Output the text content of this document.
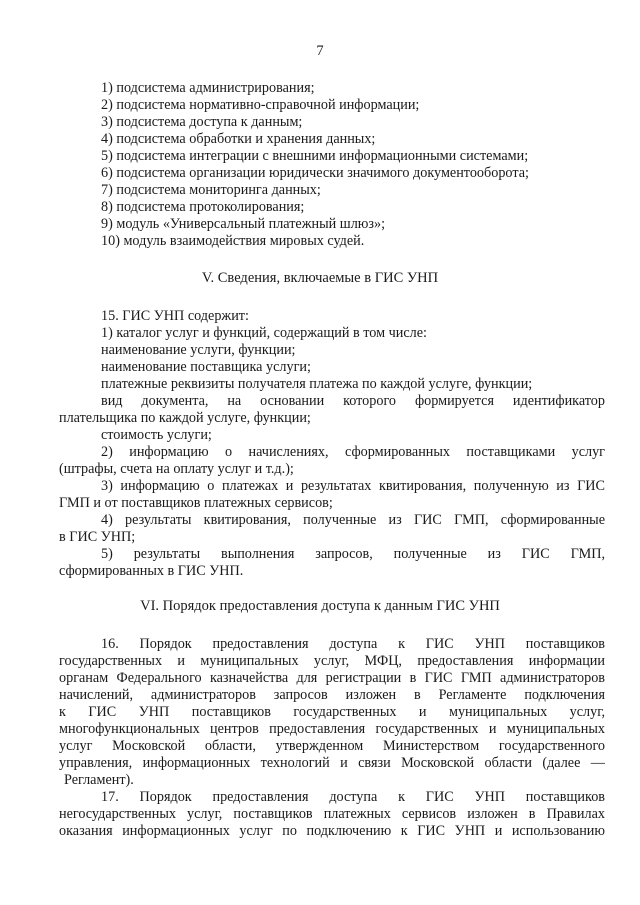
7
1) подсистема администрирования;
2) подсистема нормативно-справочной информации;
3) подсистема доступа к данным;
4) подсистема обработки и хранения данных;
5) подсистема интеграции с внешними информационными системами;
6) подсистема организации юридически значимого документооборота;
7) подсистема мониторинга данных;
8) подсистема протоколирования;
9) модуль «Универсальный платежный шлюз»;
10) модуль взаимодействия мировых судей.
V. Сведения, включаемые в ГИС УНП
15. ГИС УНП содержит:
1) каталог услуг и функций, содержащий в том числе:
наименование услуги, функции;
наименование поставщика услуги;
платежные реквизиты получателя платежа по каждой услуге, функции;
вид документа, на основании которого формируется идентификатор
плательщика по каждой услуге, функции;
стоимость услуги;
2) информацию о начислениях, сформированных поставщиками услуг
(штрафы, счета на оплату услуг и т.д.);
3) информацию о платежах и результатах квитирования, полученную из ГИС
ГМП и от поставщиков платежных сервисов;
4) результаты квитирования, полученные из ГИС ГМП, сформированные
в ГИС УНП;
5) результаты выполнения запросов, полученные из ГИС ГМП,
сформированных в ГИС УНП.
VI. Порядок предоставления доступа к данным ГИС УНП
16. Порядок предоставления доступа к ГИС УНП поставщиков
государственных и муниципальных услуг, МФЦ, предоставления информации
органам Федерального казначейства для регистрации в ГИС ГМП администраторов
начислений, администраторов запросов изложен в Регламенте подключения
к ГИС УНП поставщиков государственных и муниципальных услуг,
многофункциональных центров предоставления государственных и муниципальных
услуг Московской области, утвержденном Министерством государственного
управления, информационных технологий и связи Московской области (далее —
Регламент).
17. Порядок предоставления доступа к ГИС УНП поставщиков
негосударственных услуг, поставщиков платежных сервисов изложен в Правилах
оказания информационных услуг по подключению к ГИС УНП и использованию
